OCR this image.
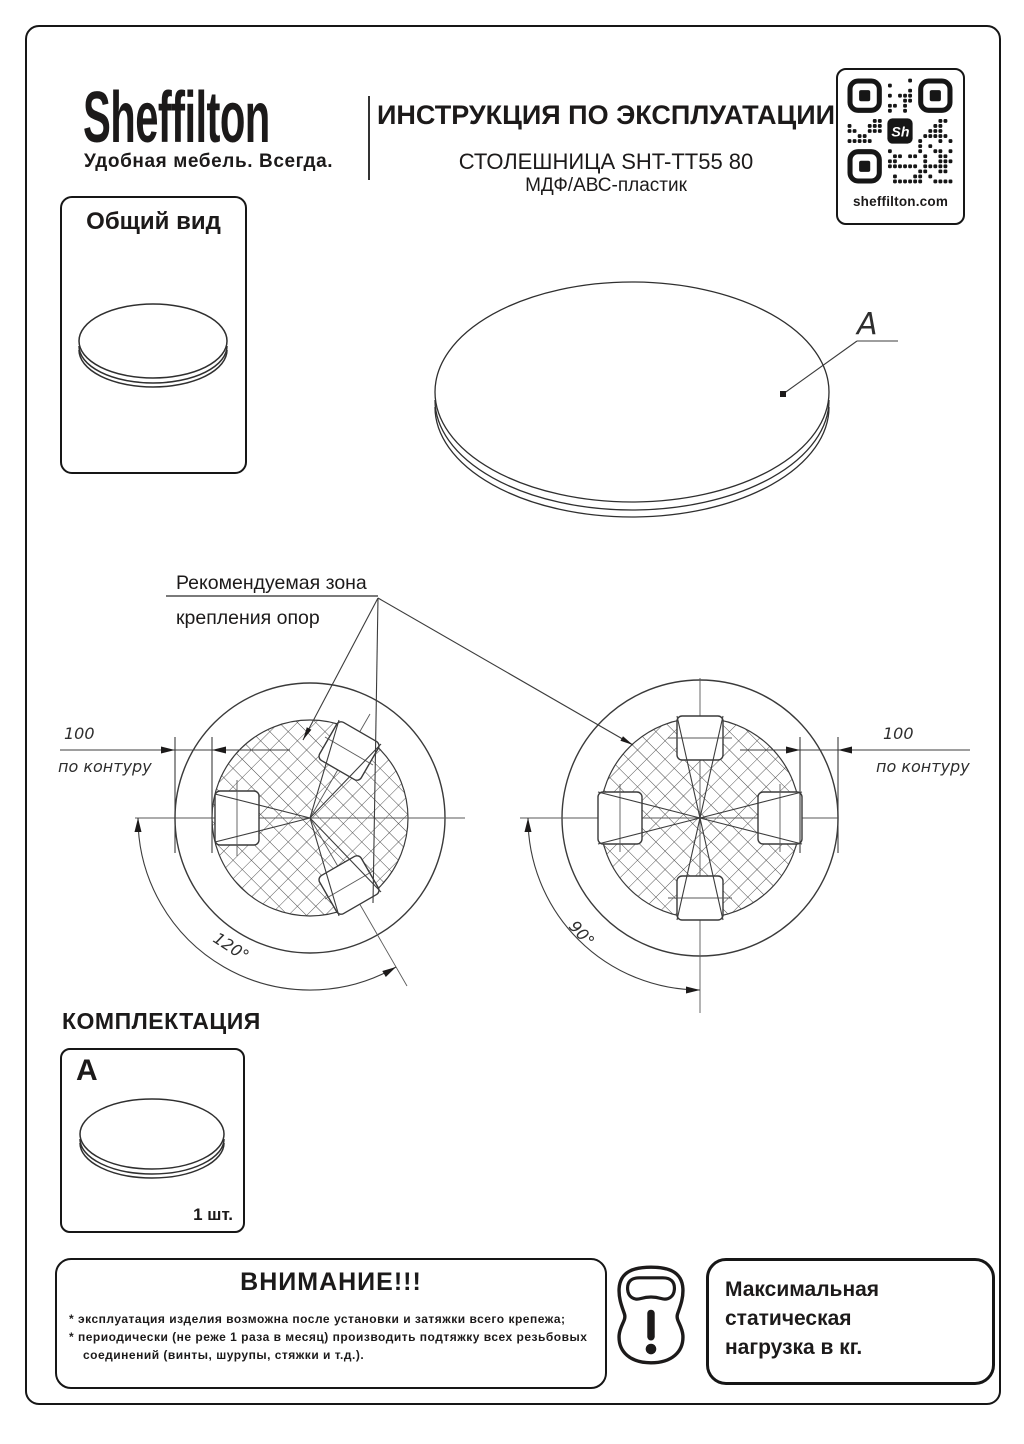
Sheffilton
Удобная мебель. Всегда.
ИНСТРУКЦИЯ ПО ЭКСПЛУАТАЦИИ
СТОЛЕШНИЦА SHT-TT55 80
МДФ/АВС-пластик
Sh
sheffilton.com
Общий вид
A
Рекомендуемая зона
крепления опор
100
по контуру
120°
100
по контуру
90°
КОМПЛЕКТАЦИЯ
A
1 шт.
ВНИМАНИЕ!!!
* эксплуатация изделия возможна после установки и затяжки всего крепежа;
* периодически (не реже 1 раза в месяц) производить подтяжку всех резьбовых
соединений (винты, шурупы, стяжки и т.д.).
Максимальная
статическая
нагрузка в кг.
